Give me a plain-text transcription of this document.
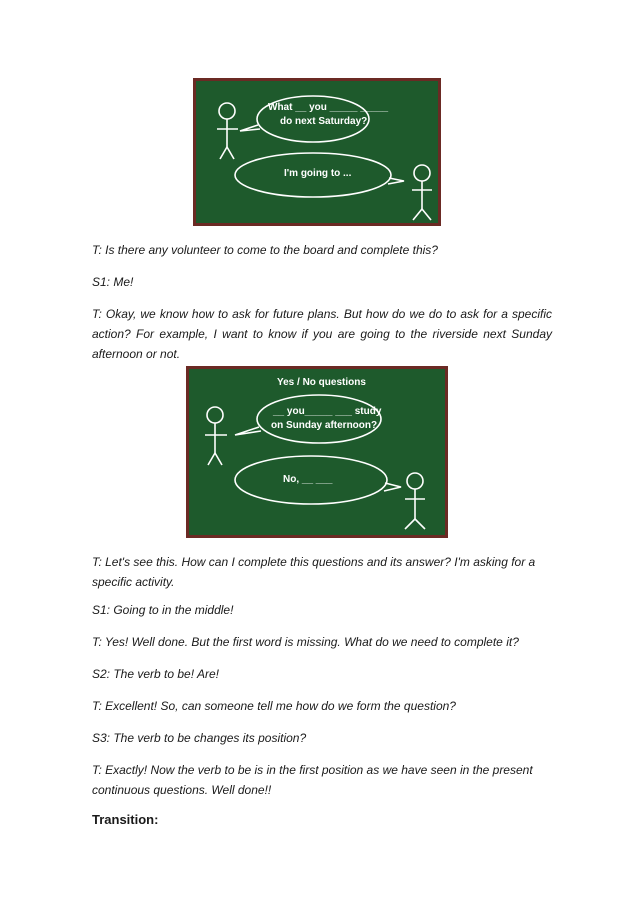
What __ you _____ _____
do next Saturday?
I'm going to ...

T: Is there any volunteer to come to the board and complete this?

S1: Me!

T: Okay, we know how to ask for future plans. But how do we do to ask for a specific action? For example, I want to know if you are going to the riverside next Sunday afternoon or not.

Yes / No questions
__ you_____ ___ study
on Sunday afternoon?
No, __ ___

T: Let's see this. How can I complete this questions and its answer? I'm asking for a specific activity.

S1: Going to in the middle!

T: Yes! Well done. But the first word is missing. What do we need to complete it?

S2: The verb to be! Are!

T: Excellent! So, can someone tell me how do we form the question?

S3: The verb to be changes its position?

T: Exactly! Now the verb to be is in the first position as we have seen in the present continuous questions. Well done!!

Transition:
